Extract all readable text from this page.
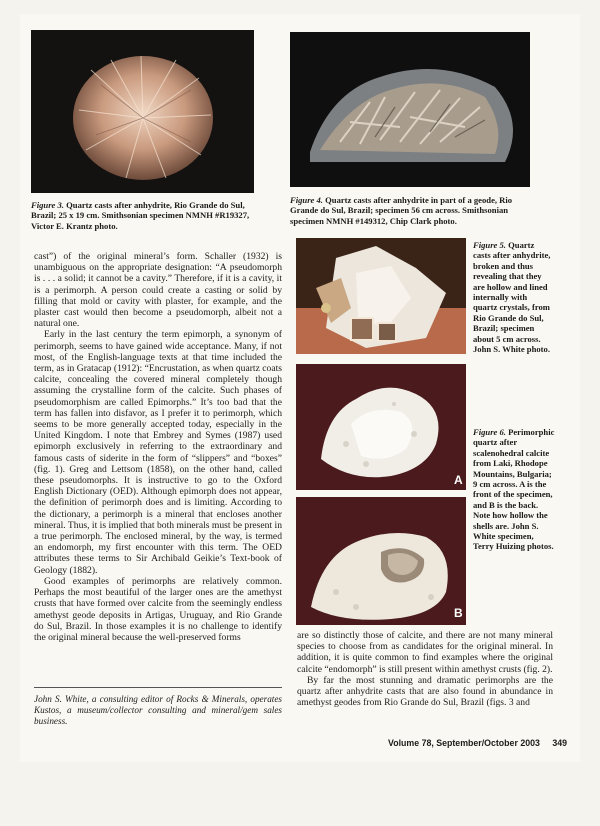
Figure 3. Quartz casts after anhydrite, Rio Grande do Sul, Brazil; 25 x 19 cm. Smithsonian specimen NMNH #R19327, Victor E. Krantz photo.
Figure 4. Quartz casts after anhydrite in part of a geode, Rio Grande do Sul, Brazil; specimen 56 cm across. Smithsonian specimen NMNH #149312, Chip Clark photo.

cast”) of the original mineral’s form. Schaller (1932) is unambiguous on the appropriate designation: “A pseudomorph is . . . a solid; it cannot be a cavity.” Therefore, if it is a cavity, it is a perimorph. A person could create a casting or solid by filling that mold or cavity with plaster, for example, and the plaster cast would then become a pseudomorph, albeit not a natural one.

Early in the last century the term epimorph, a synonym of perimorph, seems to have gained wide acceptance. Many, if not most, of the English-language texts at that time included the term, as in Gratacap (1912): “Encrustation, as when quartz coats calcite, concealing the covered mineral completely though assuming the crystalline form of the calcite. Such phases of pseudomorphism are called Epimorphs.” It’s too bad that the term has fallen into disfavor, as I prefer it to perimorph, which seems to be more generally accepted today, especially in the United Kingdom. I note that Embrey and Symes (1987) used epimorph exclusively in referring to the extraordinary and famous casts of siderite in the form of “slippers” and “boxes” (fig. 1). Greg and Lettsom (1858), on the other hand, called these pseudomorphs. It is instructive to go to the Oxford English Dictionary (OED). Although epimorph does not appear, the definition of perimorph does and is limiting. According to the dictionary, a perimorph is a mineral that encloses another mineral. Thus, it is implied that both minerals must be present in a true perimorph. The enclosed mineral, by the way, is termed an endomorph, my first encounter with this term. The OED attributes these terms to Sir Archibald Geikie’s Text-book of Geology (1882).

Good examples of perimorphs are relatively common. Perhaps the most beautiful of the larger ones are the amethyst crusts that have formed over calcite from the seemingly endless amethyst geode deposits in Artigas, Uruguay, and Rio Grande do Sul, Brazil. In those examples it is no challenge to identify the original mineral because the well-preserved forms

John S. White, a consulting editor of Rocks & Minerals, operates Kustos, a museum/collector consulting and mineral/gem sales business.
Figure 5. Quartz casts after anhydrite, broken and thus revealing that they are hollow and lined internally with quartz crystals, from Rio Grande do Sul, Brazil; specimen about 5 cm across. John S. White photo.
A
B
Figure 6. Perimorphic quartz after scalenohedral calcite from Laki, Rhodope Mountains, Bulgaria; 9 cm across. A is the front of the specimen, and B is the back. Note how hollow the shells are. John S. White specimen, Terry Huizing photos.

are so distinctly those of calcite, and there are not many mineral species to choose from as candidates for the original mineral. In addition, it is quite common to find examples where the original calcite “endomorph” is still present within amethyst crusts (fig. 2).

By far the most stunning and dramatic perimorphs are the quartz after anhydrite casts that are also found in abundance in amethyst geodes from Rio Grande do Sul, Brazil (figs. 3 and

Volume 78, September/October 2003 349
